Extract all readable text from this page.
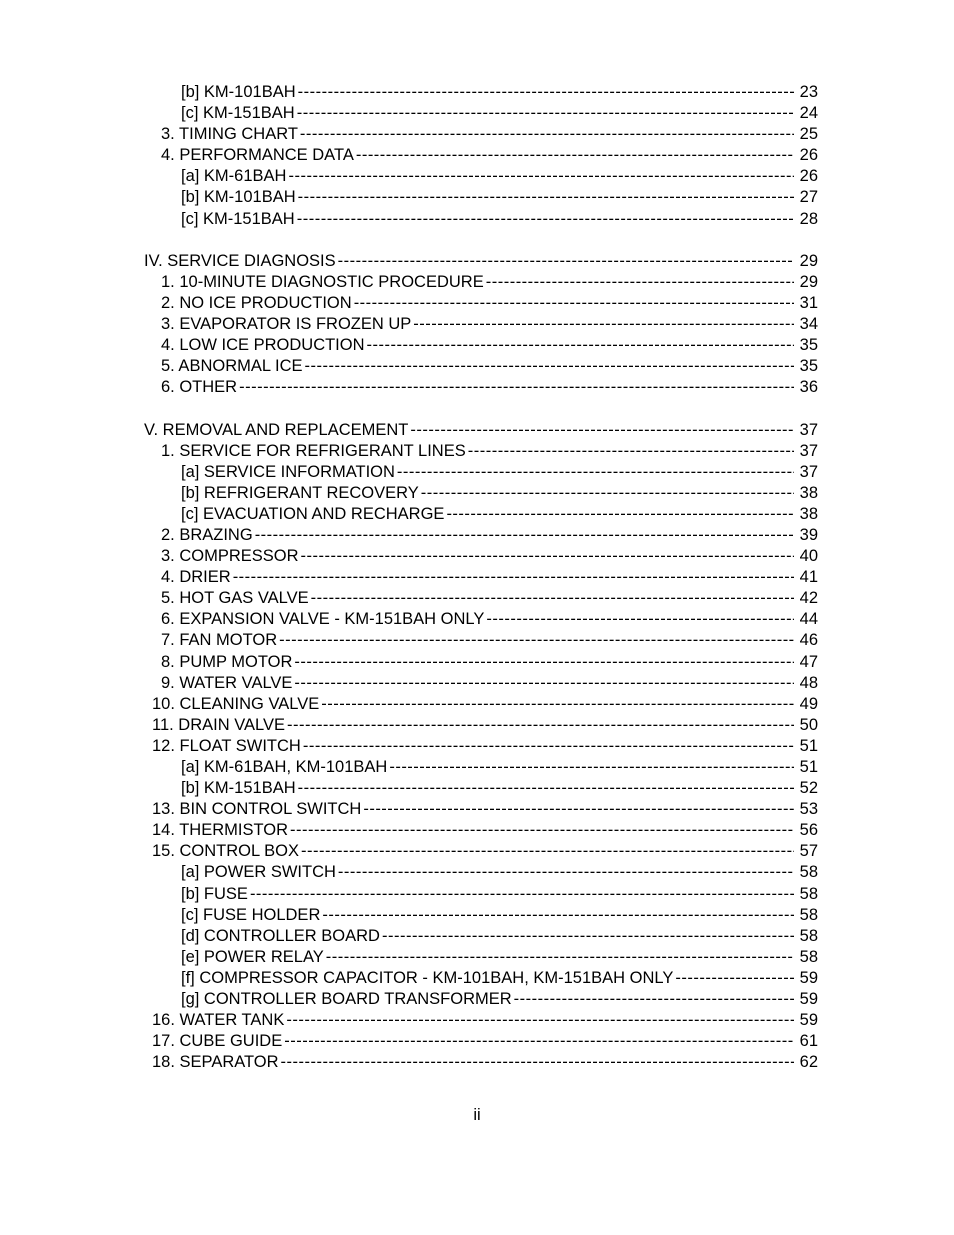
[b] KM-101BAH -----	23
[c] KM-151BAH -----	24
3. TIMING CHART -----	25
4. PERFORMANCE DATA -----	26
[a] KM-61BAH -----	26
[b] KM-101BAH -----	27
[c] KM-151BAH -----	28
IV. SERVICE DIAGNOSIS -----	29
1. 10-MINUTE DIAGNOSTIC PROCEDURE -----	29
2. NO ICE PRODUCTION -----	31
3. EVAPORATOR IS FROZEN UP -----	34
4. LOW ICE PRODUCTION -----	35
5. ABNORMAL ICE -----	35
6. OTHER -----	36
V. REMOVAL AND REPLACEMENT -----	37
1. SERVICE FOR REFRIGERANT LINES -----	37
[a] SERVICE INFORMATION -----	37
[b] REFRIGERANT RECOVERY -----	38
[c] EVACUATION AND RECHARGE -----	38
2. BRAZING -----	39
3. COMPRESSOR -----	40
4. DRIER -----	41
5. HOT GAS VALVE -----	42
6. EXPANSION VALVE - KM-151BAH ONLY -----	44
7. FAN MOTOR -----	46
8. PUMP MOTOR -----	47
9. WATER VALVE -----	48
10. CLEANING VALVE -----	49
11. DRAIN VALVE -----	50
12. FLOAT SWITCH -----	51
[a] KM-61BAH, KM-101BAH -----	51
[b] KM-151BAH -----	52
13. BIN CONTROL SWITCH -----	53
14. THERMISTOR -----	56
15. CONTROL BOX -----	57
[a] POWER SWITCH -----	58
[b] FUSE -----	58
[c] FUSE HOLDER -----	58
[d] CONTROLLER BOARD -----	58
[e] POWER RELAY -----	58
[f] COMPRESSOR CAPACITOR - KM-101BAH, KM-151BAH ONLY -----	59
[g] CONTROLLER BOARD TRANSFORMER -----	59
16. WATER TANK -----	59
17. CUBE GUIDE -----	61
18. SEPARATOR -----	62
ii
